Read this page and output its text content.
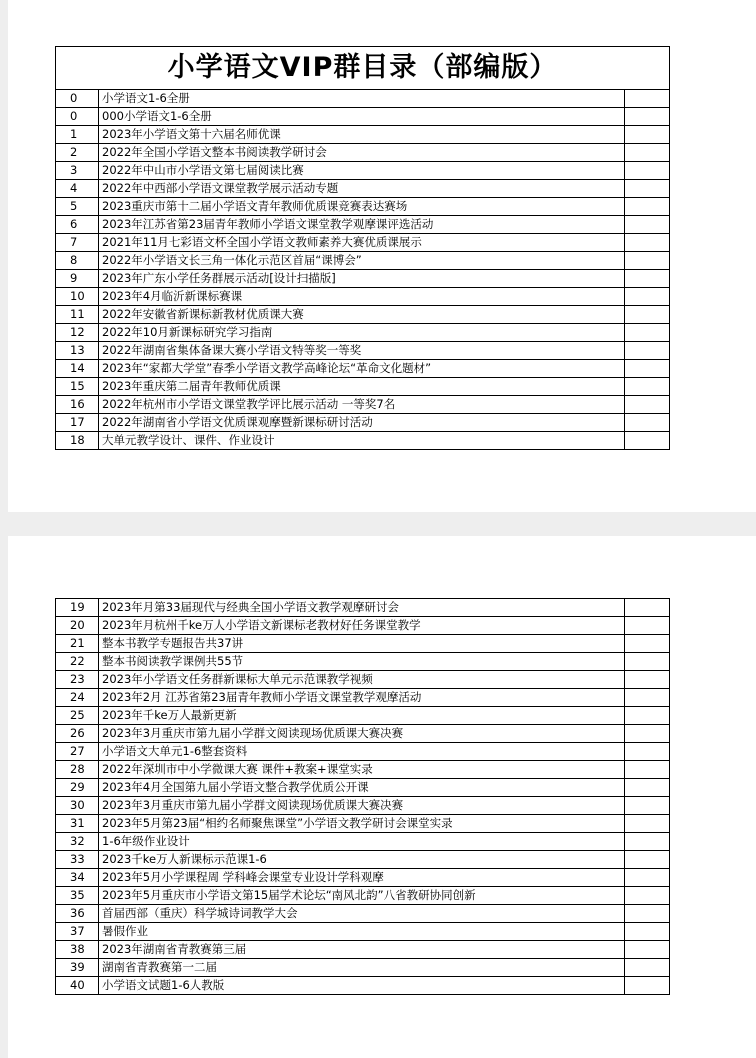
小学语文VIP群目录（部编版）		
0	小学语文1-6全册	
0	000小学语文1-6全册	
1	2023年小学语文第十六届名师优课	
2	2022年全国小学语文整本书阅读教学研讨会	
3	2022年中山市小学语文第七届阅读比赛	
4	2022年中西部小学语文课堂教学展示活动专题	
5	2023重庆市第十二届小学语文青年教师优质课竞赛表达赛场	
6	2023年江苏省第23届青年教师小学语文课堂教学观摩课评选活动	
7	2021年11月七彩语文杯全国小学语文教师素养大赛优质课展示	
8	2022年小学语文长三角一体化示范区首届“课博会”	
9	2023年广东小学任务群展示活动[设计扫描版]	
10	2023年4月临沂新课标赛课	
11	2022年安徽省新课标新教材优质课大赛	
12	2022年10月新课标研究学习指南	
13	2022年湖南省集体备课大赛小学语文特等奖一等奖	
14	2023年“家都大学堂”春季小学语文教学高峰论坛“革命文化题材”	
15	2023年重庆第二届青年教师优质课	
16	2022年杭州市小学语文课堂教学评比展示活动 一等奖7名	
17	2022年湖南省小学语文优质课观摩暨新课标研讨活动	
18	大单元教学设计、课件、作业设计	
19	2023年月第33届现代与经典全国小学语文教学观摩研讨会	
20	2023年月杭州千ke万人小学语文新课标老教材好任务课堂教学	
21	整本书教学专题报告共37讲	
22	整本书阅读教学课例共55节	
23	2023年小学语文任务群新课标大单元示范课教学视频	
24	2023年2月 江苏省第23届青年教师小学语文课堂教学观摩活动	
25	2023年千ke万人最新更新	
26	2023年3月重庆市第九届小学群文阅读现场优质课大赛决赛	
27	小学语文大单元1-6整套资料	
28	2022年深圳市中小学微课大赛 课件+教案+课堂实录	
29	2023年4月全国第九届小学语文整合教学优质公开课	
30	2023年3月重庆市第九届小学群文阅读现场优质课大赛决赛	
31	2023年5月第23届“相约名师聚焦课堂”小学语文教学研讨会课堂实录	
32	1-6年级作业设计	
33	2023千ke万人新课标示范课1-6	
34	2023年5月小学课程周 学科峰会课堂专业设计学科观摩	
35	2023年5月重庆市小学语文第15届学术论坛“南风北韵”八省教研协同创新	
36	首届西部（重庆）科学城诗词教学大会	
37	暑假作业	
38	2023年湖南省青教赛第三届	
39	湖南省青教赛第一二届	
40	小学语文试题1-6人教版	
